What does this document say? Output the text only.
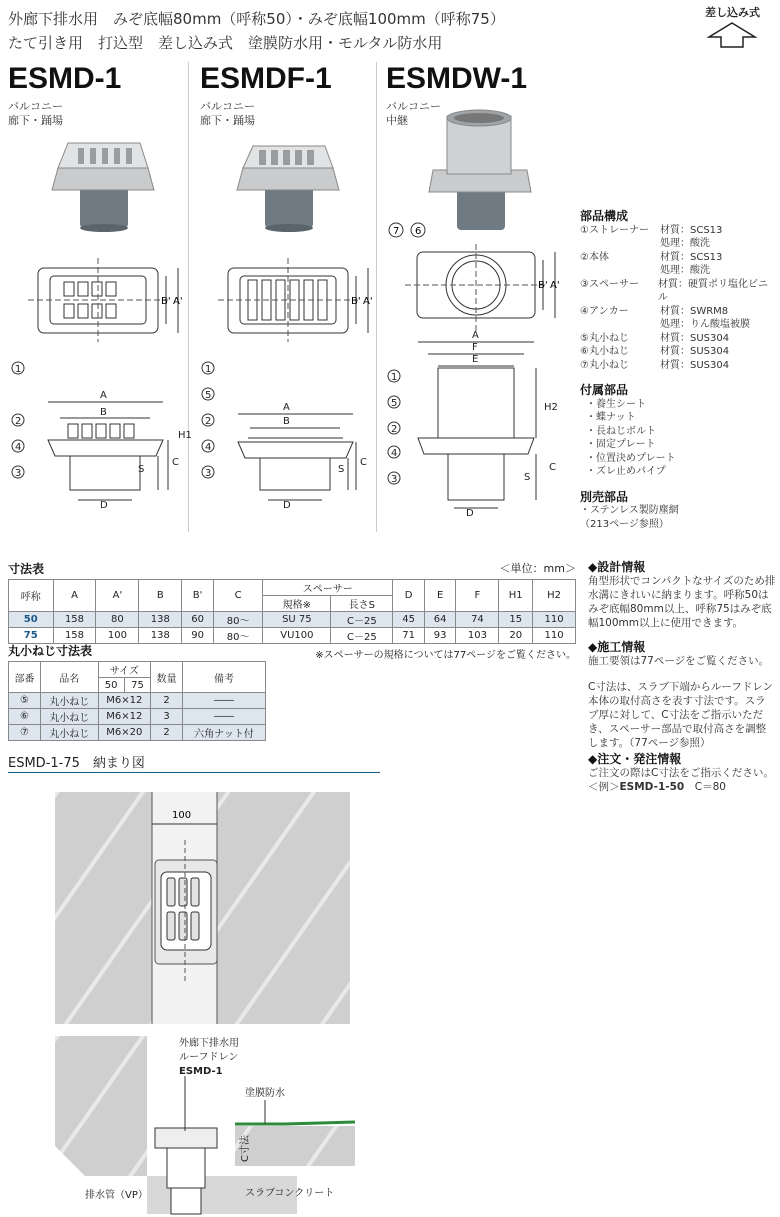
外廊下排水用　みぞ底幅80mm（呼称50）・みぞ底幅100mm（呼称75）
たて引き用　打込型　差し込み式　塗膜防水用・モルタル防水用
差し込み式
ESMD-1
バルコニー
廊下・踊場
ESMDF-1
バルコニー
廊下・踊場
ESMDW-1
バルコニー
中継
B' A'	B' A'
7 6
B' A'
1
2
4
3
A
B
D
S
C
H1
1
5
2
4
3
A
B
D
S
C
A
F
E
1
5
2
4
3
H2
S
C
D
部品構成
①ストレーナー	材質：SCS13
処理：酸洗
②本体	材質：SCS13
処理：酸洗
③スペーサー	材質：硬質ポリ塩化ビニル
④アンカー	材質：SWRM8
処理：りん酸塩被膜
⑤丸小ねじ	材質：SUS304
⑥丸小ねじ	材質：SUS304
⑦丸小ねじ	材質：SUS304
付属部品
・養生シート
・蝶ナット
・長ねじボルト
・固定プレート
・位置決めプレート
・ズレ止めパイプ
別売部品
・ステンレス製防塵網
（213ページ参照）
寸法表	＜単位：mm＞
呼称	A	A'	B	B'	C	スペーサー		D	E	F	H1	H2
						規格※	長さS					
50	158	80	138	60	80～	SU 75	C－25	45	64	74	15	110
75	158	100	138	90	80～	VU100	C－25	71	93	103	20	110
※スペーサーの規格については77ページをご覧ください。
丸小ねじ寸法表
部番	品名	サイズ		数量	備考
		50	75		
⑤	丸小ねじ	M6×12		2	――
⑥	丸小ねじ	M6×12		3	――
⑦	丸小ねじ	M6×20		2	六角ナット付
ESMD-1-75　納まり図
100
外廊下排水用
ルーフドレン
ESMD-1
塗膜防水
C寸法
排水管（VP）	スラブコンクリート
◆設計情報
角型形状でコンパクトなサイズのため排水溝にきれいに納まります。呼称50はみぞ底幅80mm以上、呼称75はみぞ底幅100mm以上に使用できます。
◆施工情報
施工要領は77ページをご覧ください。
C寸法は、スラブ下端からルーフドレン本体の取付高さを表す寸法です。スラブ厚に対して、C寸法をご指示いただき、スペーサー部品で取付高さを調整します。（77ページ参照）
◆注文・発注情報
ご注文の際はC寸法をご指示ください。
＜例＞ESMD-1-50　C＝80
